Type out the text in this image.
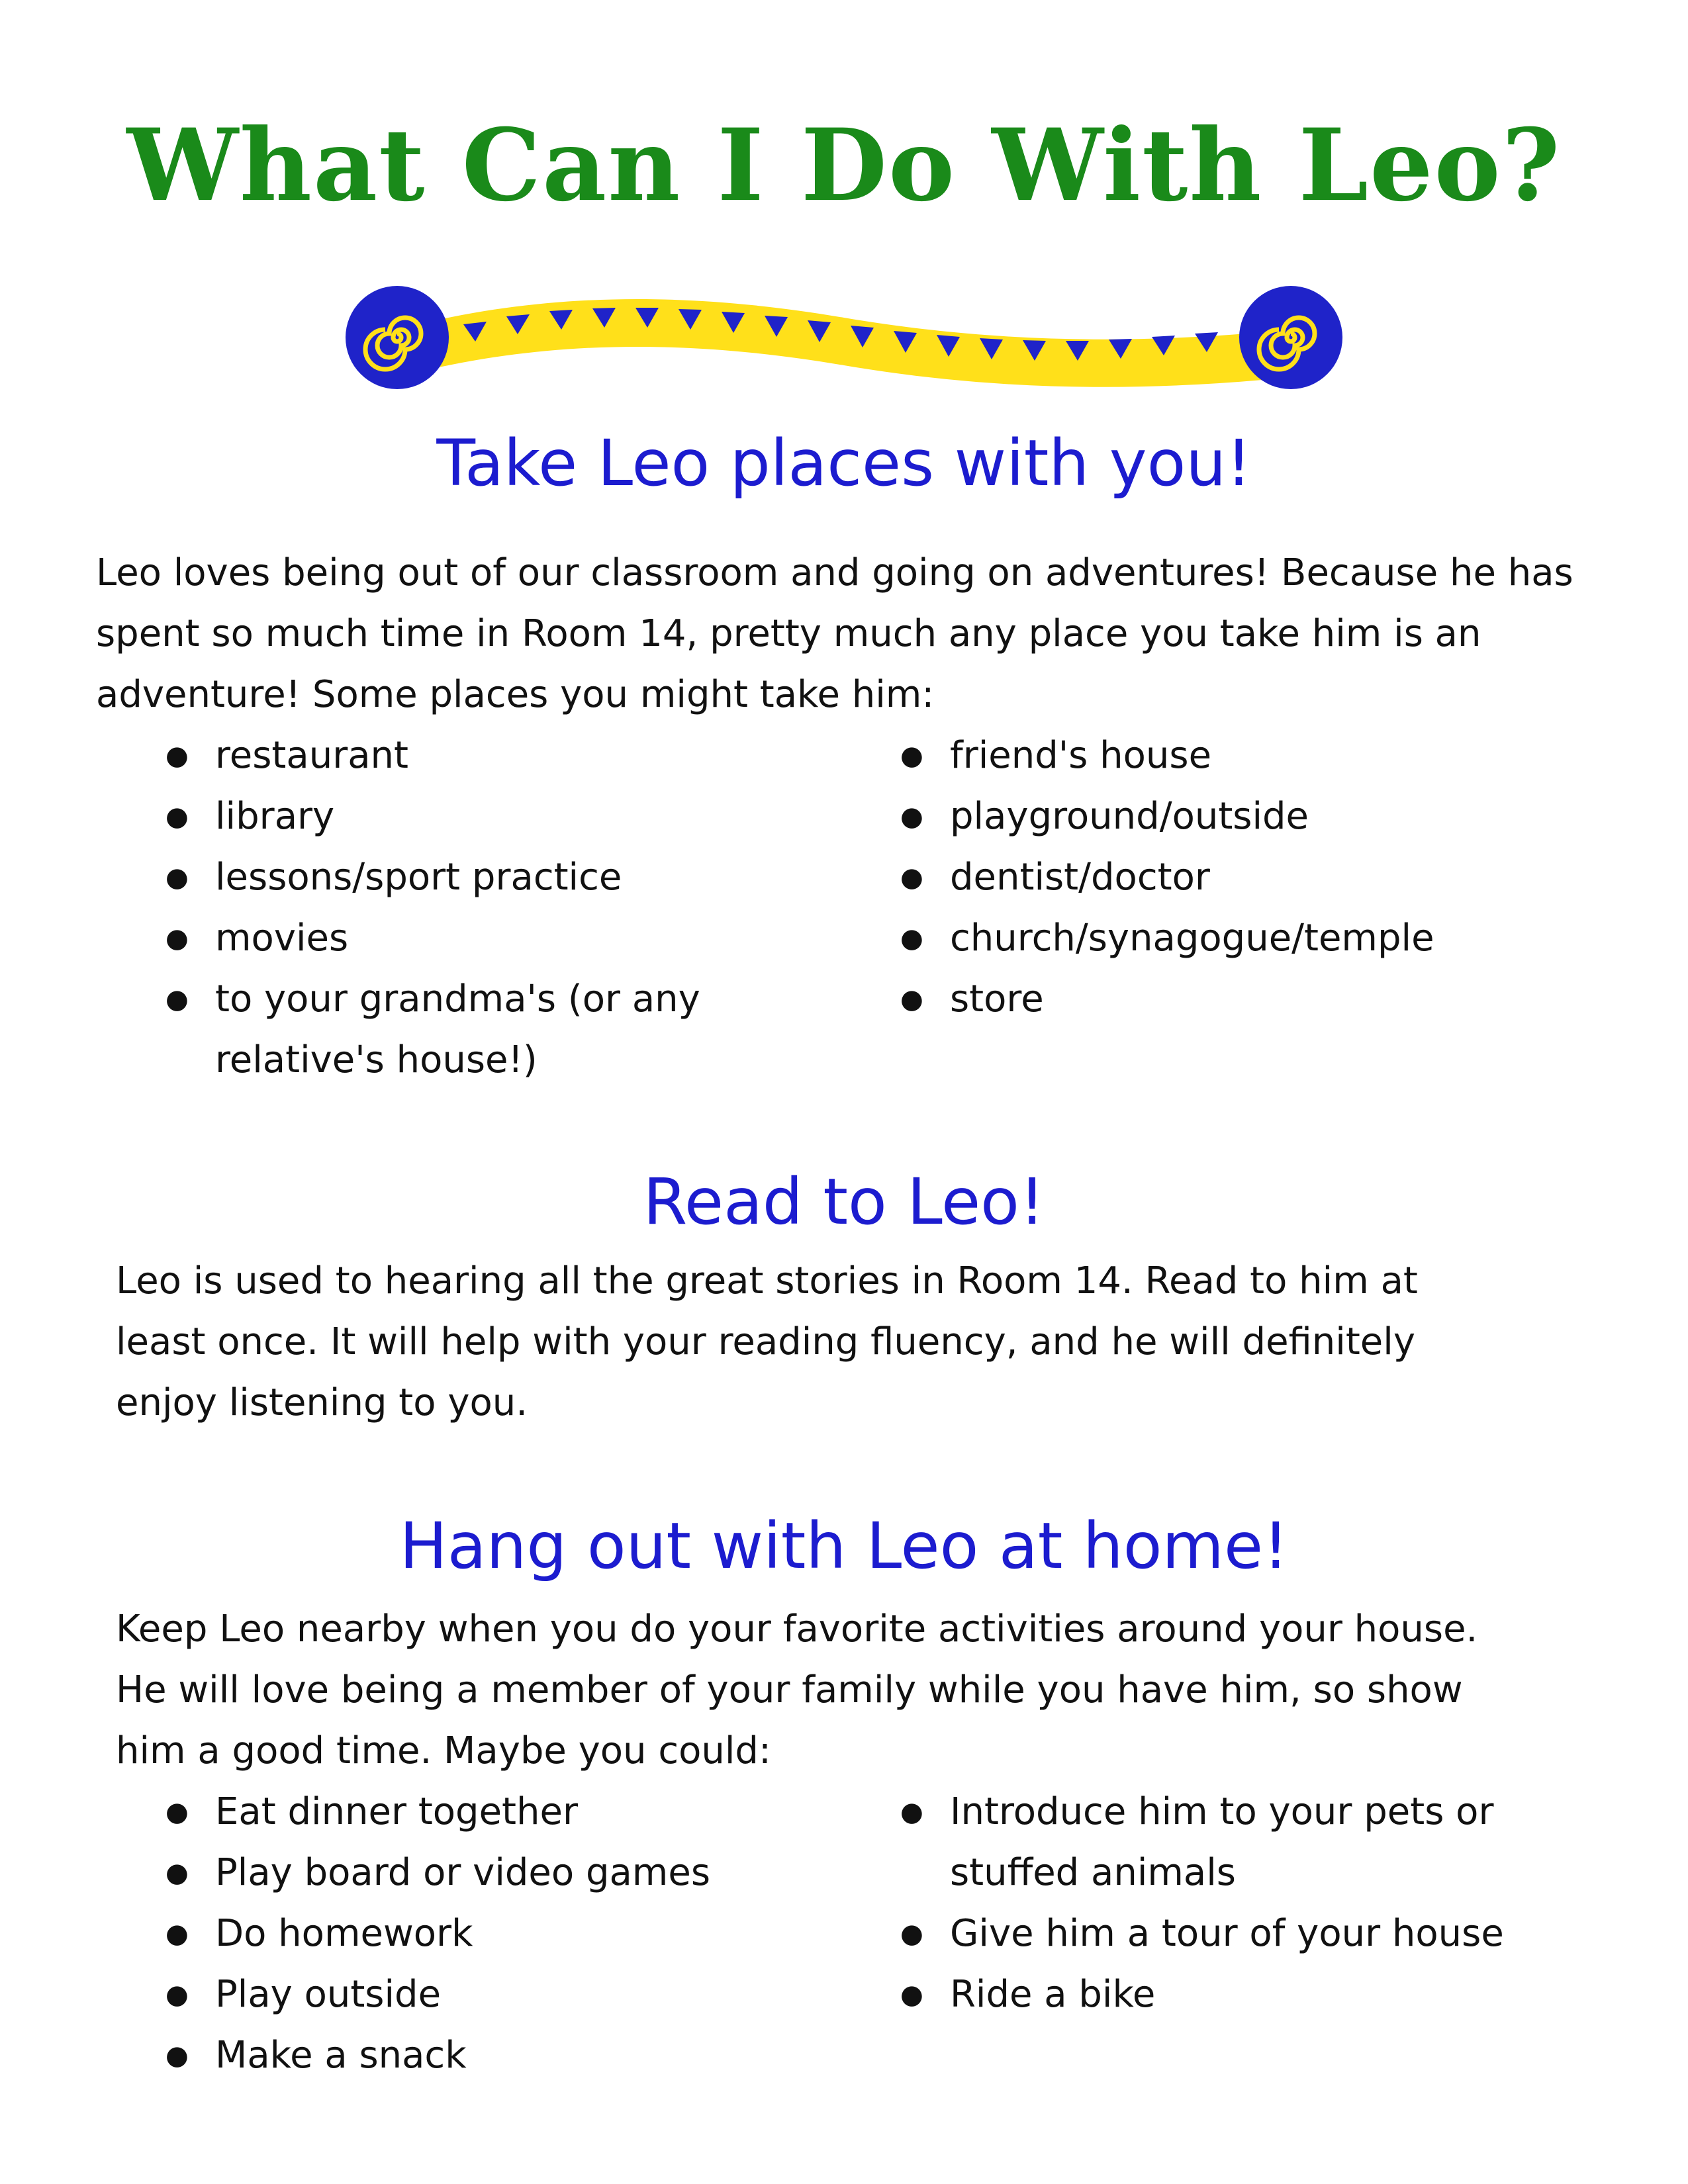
What Can I Do With Leo?
Take Leo places with you!

Leo loves being out of our classroom and going on adventures! Because he has spent so much time in Room 14, pretty much any place you take him is an adventure! Some places you might take him:

● restaurant
● library
● lessons/sport practice
● movies
● to your grandma's (or any relative's house!)
● friend's house
● playground/outside
● dentist/doctor
● church/synagogue/temple
● store
Read to Leo!

Leo is used to hearing all the great stories in Room 14. Read to him at least once. It will help with your reading fluency, and he will definitely enjoy listening to you.

Hang out with Leo at home!

Keep Leo nearby when you do your favorite activities around your house. He will love being a member of your family while you have him, so show him a good time. Maybe you could:

● Eat dinner together
● Play board or video games
● Do homework
● Play outside
● Make a snack
● Introduce him to your pets or stuffed animals
● Give him a tour of your house
● Ride a bike
